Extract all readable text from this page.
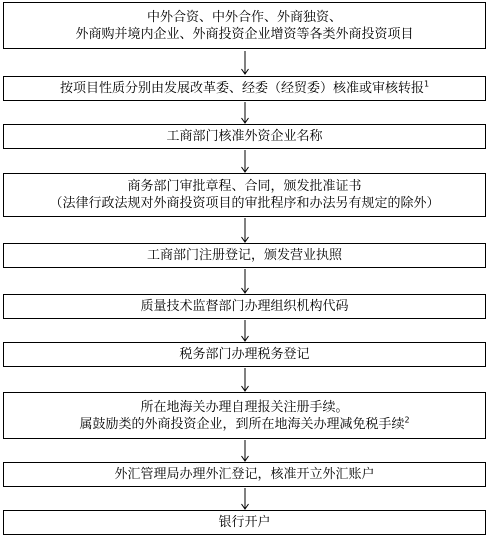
中外合资、中外合作、外商独资、
外商购并境内企业、外商投资企业增资等各类外商投资项目
按项目性质分别由发展改革委、经委（经贸委）核准或审核转报$^1$
工商部门核准外资企业名称
商务部门审批章程、合同，颁发批准证书
（法律行政法规对外商投资项目的审批程序和办法另有规定的除外）
工商部门注册登记，颁发营业执照
质量技术监督部门办理组织机构代码
税务部门办理税务登记
所在地海关办理自理报关注册手续。
属鼓励类的外商投资企业，到所在地海关办理减免税手续$^2$
外汇管理局办理外汇登记，核准开立外汇账户
银行开户
